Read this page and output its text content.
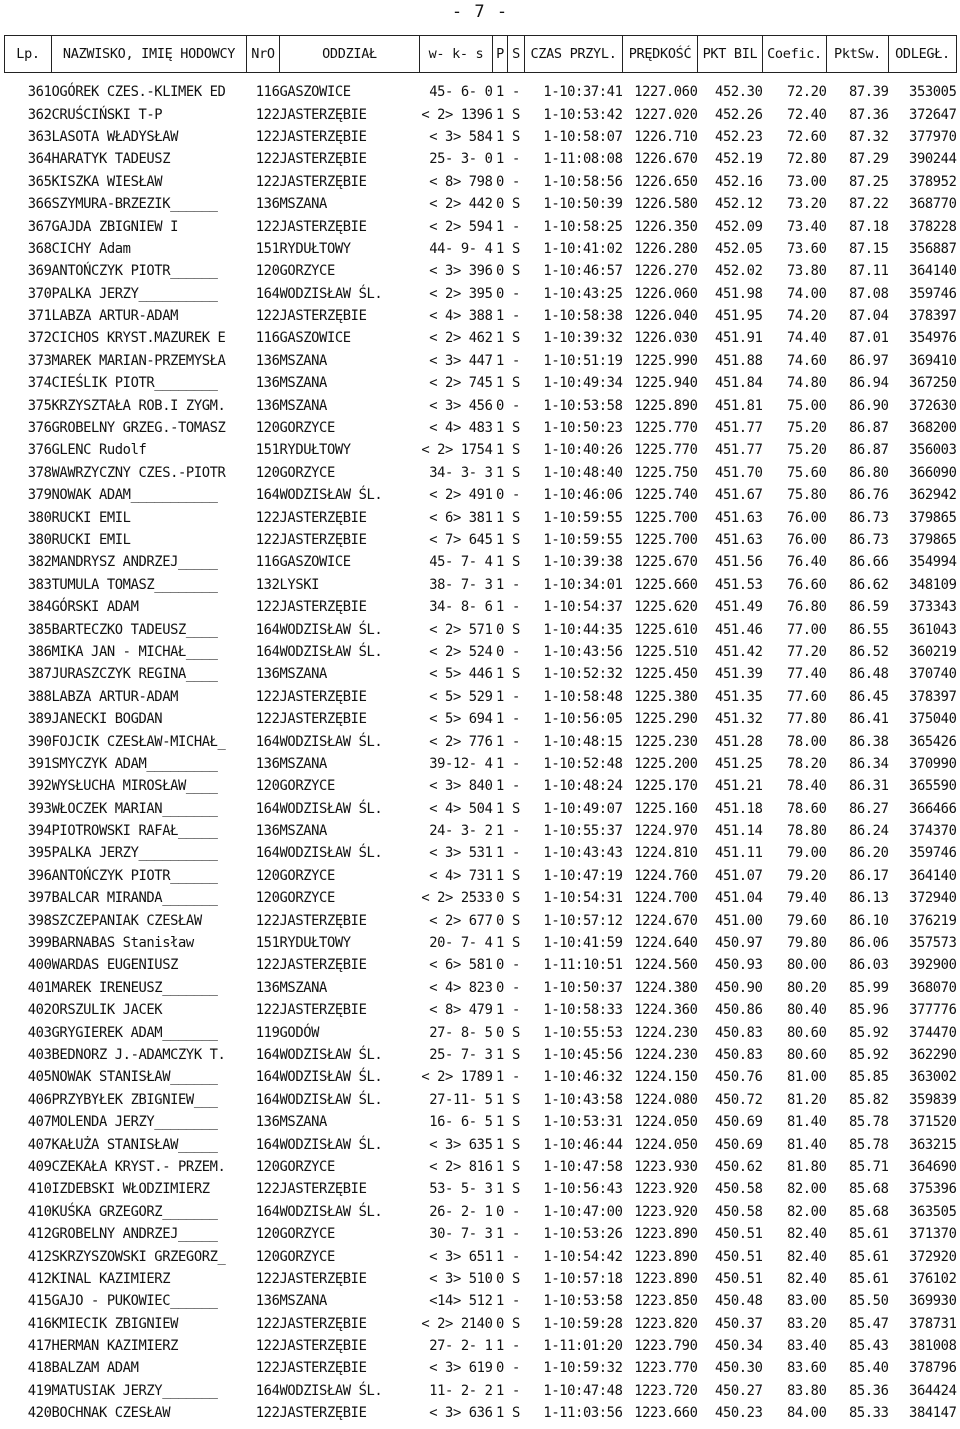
- 7 -
Lp.	NAZWISKO, IMIĘ HODOWCY	NrO	ODDZIAŁ	w- k- s	P	S	CZAS PRZYL.	PRĘDKOŚĆ	PKT BIL	Coefic.	PktSw.	ODLEGŁ.
361	OGÓREK CZES.-KLIMEK ED	116	GASZOWICE	45- 6- 0	1	-	1-10:37:41	1227.060	452.30	72.20	87.39	353005
362	CRUŚCIŃSKI T-P	122	JASTERZĘBIE	< 2> 1396	1	S	1-10:53:42	1227.020	452.26	72.40	87.36	372647
363	LASOTA WŁADYSŁAW	122	JASTERZĘBIE	< 3> 584	1	S	1-10:58:07	1226.710	452.23	72.60	87.32	377970
364	HARATYK TADEUSZ	122	JASTERZĘBIE	25- 3- 0	1	-	1-11:08:08	1226.670	452.19	72.80	87.29	390244
365	KISZKA WIESŁAW	122	JASTERZĘBIE	< 8> 798	0	-	1-10:58:56	1226.650	452.16	73.00	87.25	378952
366	SZYMURA-BRZEZIK______	136	MSZANA	< 2> 442	0	S	1-10:50:39	1226.580	452.12	73.20	87.22	368770
367	GAJDA ZBIGNIEW I	122	JASTERZĘBIE	< 2> 594	1	-	1-10:58:25	1226.350	452.09	73.40	87.18	378228
368	CICHY Adam	151	RYDUŁTOWY	44- 9- 4	1	S	1-10:41:02	1226.280	452.05	73.60	87.15	356887
369	ANTOŃCZYK PIOTR______	120	GORZYCE	< 3> 396	0	S	1-10:46:57	1226.270	452.02	73.80	87.11	364140
370	PALKA JERZY__________	164	WODZISŁAW ŚL.	< 2> 395	0	-	1-10:43:25	1226.060	451.98	74.00	87.08	359746
371	LABZA ARTUR-ADAM	122	JASTERZĘBIE	< 4> 388	1	-	1-10:58:38	1226.040	451.95	74.20	87.04	378397
372	CICHOS KRYST.MAZUREK E	116	GASZOWICE	< 2> 462	1	S	1-10:39:32	1226.030	451.91	74.40	87.01	354976
373	MAREK MARIAN-PRZEMYSŁA	136	MSZANA	< 3> 447	1	-	1-10:51:19	1225.990	451.88	74.60	86.97	369410
374	CIEŚLIK PIOTR________	136	MSZANA	< 2> 745	1	S	1-10:49:34	1225.940	451.84	74.80	86.94	367250
375	KRZYSZTAŁA ROB.I ZYGM.	136	MSZANA	< 3> 456	0	-	1-10:53:58	1225.890	451.81	75.00	86.90	372630
376	GROBELNY GRZEG.-TOMASZ	120	GORZYCE	< 4> 483	1	S	1-10:50:23	1225.770	451.77	75.20	86.87	368200
376	GLENC Rudolf	151	RYDUŁTOWY	< 2> 1754	1	S	1-10:40:26	1225.770	451.77	75.20	86.87	356003
378	WAWRZYCZNY CZES.-PIOTR	120	GORZYCE	34- 3- 3	1	S	1-10:48:40	1225.750	451.70	75.60	86.80	366090
379	NOWAK ADAM___________	164	WODZISŁAW ŚL.	< 2> 491	0	-	1-10:46:06	1225.740	451.67	75.80	86.76	362942
380	RUCKI EMIL	122	JASTERZĘBIE	< 6> 381	1	S	1-10:59:55	1225.700	451.63	76.00	86.73	379865
380	RUCKI EMIL	122	JASTERZĘBIE	< 7> 645	1	S	1-10:59:55	1225.700	451.63	76.00	86.73	379865
382	MANDRYSZ ANDRZEJ_____	116	GASZOWICE	45- 7- 4	1	S	1-10:39:38	1225.670	451.56	76.40	86.66	354994
383	TUMULA TOMASZ________	132	LYSKI	38- 7- 3	1	-	1-10:34:01	1225.660	451.53	76.60	86.62	348109
384	GÓRSKI ADAM	122	JASTERZĘBIE	34- 8- 6	1	-	1-10:54:37	1225.620	451.49	76.80	86.59	373343
385	BARTECZKO TADEUSZ____	164	WODZISŁAW ŚL.	< 2> 571	0	S	1-10:44:35	1225.610	451.46	77.00	86.55	361043
386	MIKA JAN - MICHAŁ____	164	WODZISŁAW ŚL.	< 2> 524	0	-	1-10:43:56	1225.510	451.42	77.20	86.52	360219
387	JURASZCZYK REGINA____	136	MSZANA	< 5> 446	1	S	1-10:52:32	1225.450	451.39	77.40	86.48	370740
388	LABZA ARTUR-ADAM	122	JASTERZĘBIE	< 5> 529	1	-	1-10:58:48	1225.380	451.35	77.60	86.45	378397
389	JANECKI BOGDAN	122	JASTERZĘBIE	< 5> 694	1	-	1-10:56:05	1225.290	451.32	77.80	86.41	375040
390	FOJCIK CZESŁAW-MICHAŁ_	164	WODZISŁAW ŚL.	< 2> 776	1	-	1-10:48:15	1225.230	451.28	78.00	86.38	365426
391	SMYCZYK ADAM_________	136	MSZANA	39-12- 4	1	-	1-10:52:48	1225.200	451.25	78.20	86.34	370990
392	WYSŁUCHA MIROSŁAW____	120	GORZYCE	< 3> 840	1	-	1-10:48:24	1225.170	451.21	78.40	86.31	365590
393	WŁOCZEK MARIAN_______	164	WODZISŁAW ŚL.	< 4> 504	1	S	1-10:49:07	1225.160	451.18	78.60	86.27	366466
394	PIOTROWSKI RAFAŁ_____	136	MSZANA	24- 3- 2	1	-	1-10:55:37	1224.970	451.14	78.80	86.24	374370
395	PALKA JERZY__________	164	WODZISŁAW ŚL.	< 3> 531	1	-	1-10:43:43	1224.810	451.11	79.00	86.20	359746
396	ANTOŃCZYK PIOTR______	120	GORZYCE	< 4> 731	1	S	1-10:47:19	1224.760	451.07	79.20	86.17	364140
397	BALCAR MIRANDA_______	120	GORZYCE	< 2> 2533	0	S	1-10:54:31	1224.700	451.04	79.40	86.13	372940
398	SZCZEPANIAK CZESŁAW	122	JASTERZĘBIE	< 2> 677	0	S	1-10:57:12	1224.670	451.00	79.60	86.10	376219
399	BARNABAS Stanisław	151	RYDUŁTOWY	20- 7- 4	1	S	1-10:41:59	1224.640	450.97	79.80	86.06	357573
400	WARDAS EUGENIUSZ	122	JASTERZĘBIE	< 6> 581	0	-	1-11:10:51	1224.560	450.93	80.00	86.03	392900
401	MAREK IRENEUSZ_______	136	MSZANA	< 4> 823	0	-	1-10:50:37	1224.380	450.90	80.20	85.99	368070
402	ORSZULIK JACEK	122	JASTERZĘBIE	< 8> 479	1	-	1-10:58:33	1224.360	450.86	80.40	85.96	377776
403	GRYGIEREK ADAM_______	119	GODÓW	27- 8- 5	0	S	1-10:55:53	1224.230	450.83	80.60	85.92	374470
403	BEDNORZ J.-ADAMCZYK T.	164	WODZISŁAW ŚL.	25- 7- 3	1	S	1-10:45:56	1224.230	450.83	80.60	85.92	362290
405	NOWAK STANISŁAW______	164	WODZISŁAW ŚL.	< 2> 1789	1	-	1-10:46:32	1224.150	450.76	81.00	85.85	363002
406	PRZYBYŁEK ZBIGNIEW___	164	WODZISŁAW ŚL.	27-11- 5	1	S	1-10:43:58	1224.080	450.72	81.20	85.82	359839
407	MOLENDA JERZY________	136	MSZANA	16- 6- 5	1	S	1-10:53:31	1224.050	450.69	81.40	85.78	371520
407	KAŁUŻA STANISŁAW_____	164	WODZISŁAW ŚL.	< 3> 635	1	S	1-10:46:44	1224.050	450.69	81.40	85.78	363215
409	CZEKAŁA KRYST.- PRZEM.	120	GORZYCE	< 2> 816	1	S	1-10:47:58	1223.930	450.62	81.80	85.71	364690
410	IZDEBSKI WŁODZIMIERZ	122	JASTERZĘBIE	53- 5- 3	1	S	1-10:56:43	1223.920	450.58	82.00	85.68	375396
410	KUŚKA GRZEGORZ_______	164	WODZISŁAW ŚL.	26- 2- 1	0	-	1-10:47:00	1223.920	450.58	82.00	85.68	363505
412	GROBELNY ANDRZEJ_____	120	GORZYCE	30- 7- 3	1	-	1-10:53:26	1223.890	450.51	82.40	85.61	371370
412	SKRZYSZOWSKI GRZEGORZ_	120	GORZYCE	< 3> 651	1	-	1-10:54:42	1223.890	450.51	82.40	85.61	372920
412	KINAL KAZIMIERZ	122	JASTERZĘBIE	< 3> 510	0	S	1-10:57:18	1223.890	450.51	82.40	85.61	376102
415	GAJO - PUKOWIEC______	136	MSZANA	<14> 512	1	-	1-10:53:58	1223.850	450.48	83.00	85.50	369930
416	KMIECIK ZBIGNIEW	122	JASTERZĘBIE	< 2> 2140	0	S	1-10:59:28	1223.820	450.37	83.20	85.47	378731
417	HERMAN KAZIMIERZ	122	JASTERZĘBIE	27- 2- 1	1	-	1-11:01:20	1223.790	450.34	83.40	85.43	381008
418	BALZAM ADAM	122	JASTERZĘBIE	< 3> 619	0	-	1-10:59:32	1223.770	450.30	83.60	85.40	378796
419	MATUSIAK JERZY_______	164	WODZISŁAW ŚL.	11- 2- 2	1	-	1-10:47:48	1223.720	450.27	83.80	85.36	364424
420	BOCHNAK CZESŁAW	122	JASTERZĘBIE	< 3> 636	1	S	1-11:03:56	1223.660	450.23	84.00	85.33	384147
